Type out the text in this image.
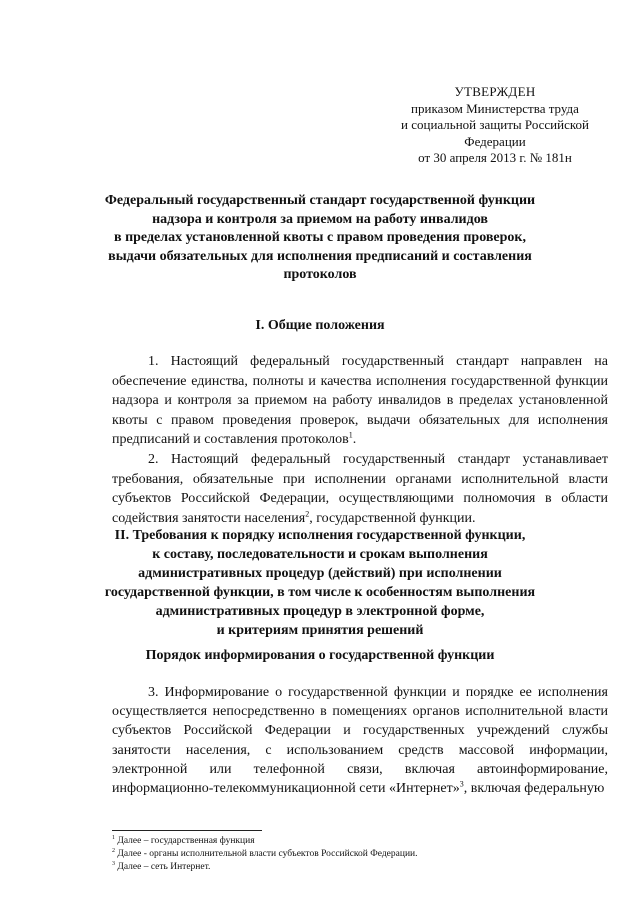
УТВЕРЖДЕН
приказом Министерства труда
и социальной защиты Российской
Федерации
от 30 апреля 2013 г. № 181н
Федеральный государственный стандарт государственной функции
надзора и контроля за приемом на работу инвалидов
в пределах установленной квоты с правом проведения проверок,
выдачи обязательных для исполнения предписаний и составления
протоколов
I. Общие положения

1. Настоящий федеральный государственный стандарт направлен на обеспечение единства, полноты и качества исполнения государственной функции надзора и контроля за приемом на работу инвалидов в пределах установленной квоты с правом проведения проверок, выдачи обязательных для исполнения предписаний и составления протоколов$^1$.

2. Настоящий федеральный государственный стандарт устанавливает требования, обязательные при исполнении органами исполнительной власти субъектов Российской Федерации, осуществляющими полномочия в области содействия занятости населения$^2$, государственной функции.

II. Требования к порядку исполнения государственной функции,
к составу, последовательности и срокам выполнения
административных процедур (действий) при исполнении
государственной функции, в том числе к особенностям выполнения
административных процедур в электронной форме,
и критериям принятия решений
Порядок информирования о государственной функции

3. Информирование о государственной функции и порядке ее исполнения осуществляется непосредственно в помещениях органов исполнительной власти субъектов Российской Федерации и государственных учреждений службы занятости населения, с использованием средств массовой информации, электронной или телефонной связи, включая автоинформирование, информационно-телекоммуникационной сети «Интернет»$^3$, включая федеральную

$^1$ Далее – государственная функция
$^2$ Далее - органы исполнительной власти субъектов Российской Федерации.
$^3$ Далее – сеть Интернет.
